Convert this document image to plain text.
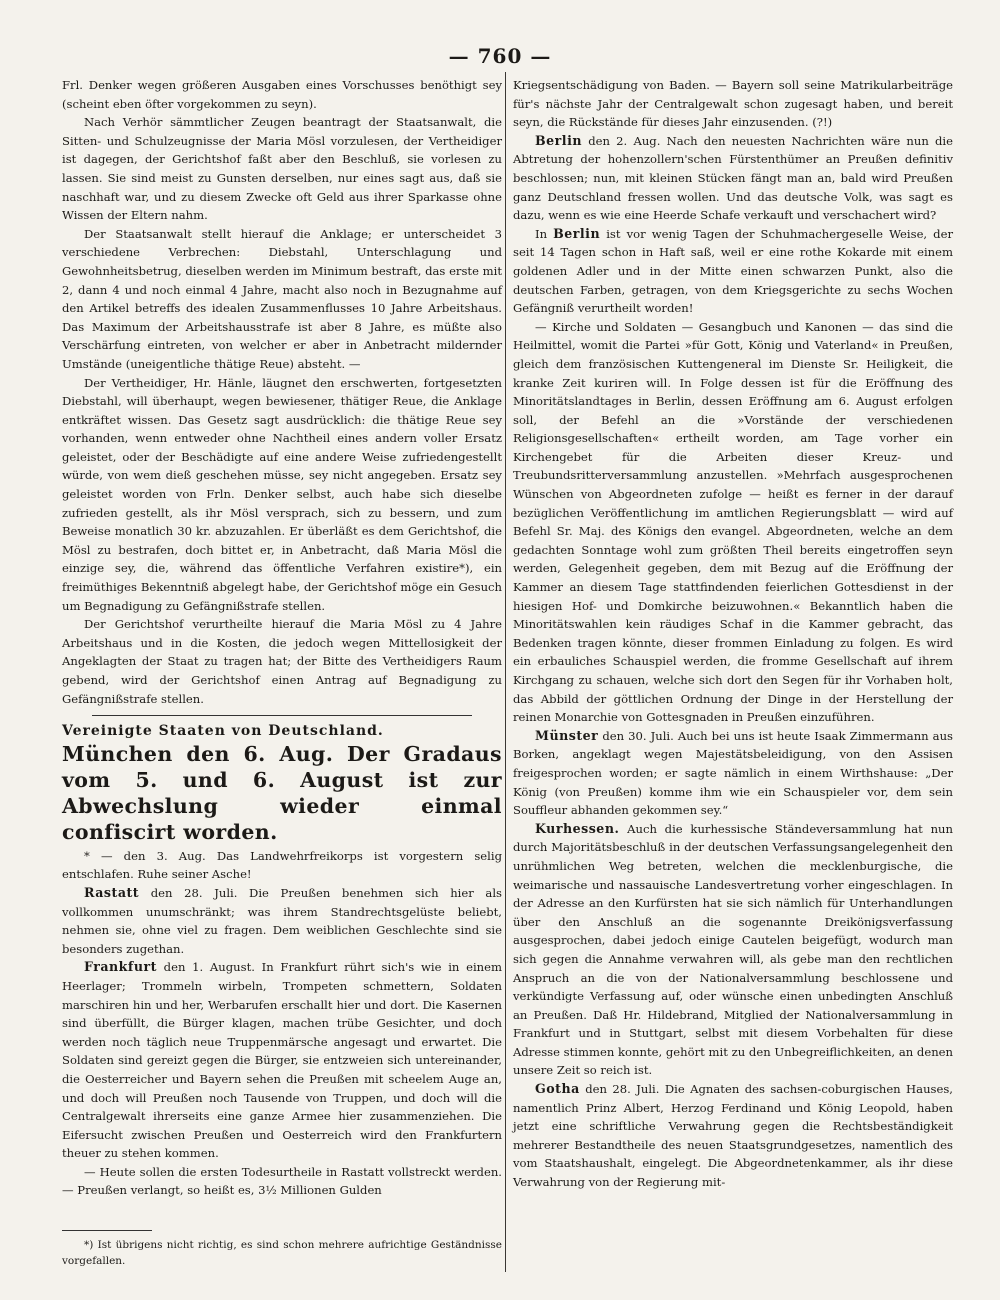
— 760 —

Frl. Denker wegen größeren Ausgaben eines Vorschusses benöthigt sey (scheint eben öfter vorgekommen zu seyn).

Nach Verhör sämmtlicher Zeugen beantragt der Staatsanwalt, die Sitten- und Schulzeugnisse der Maria Mösl vorzulesen, der Vertheidiger ist dagegen, der Gerichtshof faßt aber den Beschluß, sie vorlesen zu lassen. Sie sind meist zu Gunsten derselben, nur eines sagt aus, daß sie naschhaft war, und zu diesem Zwecke oft Geld aus ihrer Sparkasse ohne Wissen der Eltern nahm.

Der Staatsanwalt stellt hierauf die Anklage; er unterscheidet 3 verschiedene Verbrechen: Diebstahl, Unterschlagung und Gewohnheitsbetrug, dieselben werden im Minimum bestraft, das erste mit 2, dann 4 und noch einmal 4 Jahre, macht also noch in Bezugnahme auf den Artikel betreffs des idealen Zusammenflusses 10 Jahre Arbeitshaus. Das Maximum der Arbeitshausstrafe ist aber 8 Jahre, es müßte also Verschärfung eintreten, von welcher er aber in Anbetracht mildernder Umstände (uneigentliche thätige Reue) absteht. —

Der Vertheidiger, Hr. Hänle, läugnet den erschwerten, fortgesetzten Diebstahl, will überhaupt, wegen bewiesener, thätiger Reue, die Anklage entkräftet wissen. Das Gesetz sagt ausdrücklich: die thätige Reue sey vorhanden, wenn entweder ohne Nachtheil eines andern voller Ersatz geleistet, oder der Beschädigte auf eine andere Weise zufriedengestellt würde, von wem dieß geschehen müsse, sey nicht angegeben. Ersatz sey geleistet worden von Frln. Denker selbst, auch habe sich dieselbe zufrieden gestellt, als ihr Mösl versprach, sich zu bessern, und zum Beweise monatlich 30 kr. abzuzahlen. Er überläßt es dem Gerichtshof, die Mösl zu bestrafen, doch bittet er, in Anbetracht, daß Maria Mösl die einzige sey, die, während das öffentliche Verfahren existire*), ein freimüthiges Bekenntniß abgelegt habe, der Gerichtshof möge ein Gesuch um Begnadigung zu Gefängnißstrafe stellen.

Der Gerichtshof verurtheilte hierauf die Maria Mösl zu 4 Jahre Arbeitshaus und in die Kosten, die jedoch wegen Mittellosigkeit der Angeklagten der Staat zu tragen hat; der Bitte des Vertheidigers Raum gebend, wird der Gerichtshof einen Antrag auf Begnadigung zu Gefängnißstrafe stellen.

Vereinigte Staaten von Deutschland.

München den 6. Aug. Der Gradaus vom 5. und 6. August ist zur Abwechslung wieder einmal confiscirt worden.

* — den 3. Aug. Das Landwehrfreikorps ist vorgestern selig entschlafen. Ruhe seiner Asche!

Rastatt den 28. Juli. Die Preußen benehmen sich hier als vollkommen unumschränkt; was ihrem Standrechtsgelüste beliebt, nehmen sie, ohne viel zu fragen. Dem weiblichen Geschlechte sind sie besonders zugethan.

Frankfurt den 1. August. In Frankfurt rührt sich's wie in einem Heerlager; Trommeln wirbeln, Trompeten schmettern, Soldaten marschiren hin und her, Werbarufen erschallt hier und dort. Die Kasernen sind überfüllt, die Bürger klagen, machen trübe Gesichter, und doch werden noch täglich neue Truppenmärsche angesagt und erwartet. Die Soldaten sind gereizt gegen die Bürger, sie entzweien sich untereinander, die Oesterreicher und Bayern sehen die Preußen mit scheelem Auge an, und doch will Preußen noch Tausende von Truppen, und doch will die Centralgewalt ihrerseits eine ganze Armee hier zusammenziehen. Die Eifersucht zwischen Preußen und Oesterreich wird den Frankfurtern theuer zu stehen kommen.

— Heute sollen die ersten Todesurtheile in Rastatt vollstreckt werden. — Preußen verlangt, so heißt es, 3½ Millionen Gulden

*) Ist übrigens nicht richtig, es sind schon mehrere aufrichtige Geständnisse vorgefallen.

Kriegsentschädigung von Baden. — Bayern soll seine Matrikularbeiträge für's nächste Jahr der Centralgewalt schon zugesagt haben, und bereit seyn, die Rückstände für dieses Jahr einzusenden. (?!)

Berlin den 2. Aug. Nach den neuesten Nachrichten wäre nun die Abtretung der hohenzollern'schen Fürstenthümer an Preußen definitiv beschlossen; nun, mit kleinen Stücken fängt man an, bald wird Preußen ganz Deutschland fressen wollen. Und das deutsche Volk, was sagt es dazu, wenn es wie eine Heerde Schafe verkauft und verschachert wird?

In Berlin ist vor wenig Tagen der Schuhmachergeselle Weise, der seit 14 Tagen schon in Haft saß, weil er eine rothe Kokarde mit einem goldenen Adler und in der Mitte einen schwarzen Punkt, also die deutschen Farben, getragen, von dem Kriegsgerichte zu sechs Wochen Gefängniß verurtheilt worden!

— Kirche und Soldaten — Gesangbuch und Kanonen — das sind die Heilmittel, womit die Partei »für Gott, König und Vaterland« in Preußen, gleich dem französischen Kuttengeneral im Dienste Sr. Heiligkeit, die kranke Zeit kuriren will. In Folge dessen ist für die Eröffnung des Minoritätslandtages in Berlin, dessen Eröffnung am 6. August erfolgen soll, der Befehl an die »Vorstände der verschiedenen Religionsgesellschaften« ertheilt worden, am Tage vorher ein Kirchengebet für die Arbeiten dieser Kreuz- und Treubundsritterversammlung anzustellen. »Mehrfach ausgesprochenen Wünschen von Abgeordneten zufolge — heißt es ferner in der darauf bezüglichen Veröffentlichung im amtlichen Regierungsblatt — wird auf Befehl Sr. Maj. des Königs den evangel. Abgeordneten, welche an dem gedachten Sonntage wohl zum größten Theil bereits eingetroffen seyn werden, Gelegenheit gegeben, dem mit Bezug auf die Eröffnung der Kammer an diesem Tage stattfindenden feierlichen Gottesdienst in der hiesigen Hof- und Domkirche beizuwohnen.« Bekanntlich haben die Minoritätswahlen kein räudiges Schaf in die Kammer gebracht, das Bedenken tragen könnte, dieser frommen Einladung zu folgen. Es wird ein erbauliches Schauspiel werden, die fromme Gesellschaft auf ihrem Kirchgang zu schauen, welche sich dort den Segen für ihr Vorhaben holt, das Abbild der göttlichen Ordnung der Dinge in der Herstellung der reinen Monarchie von Gottesgnaden in Preußen einzuführen.

Münster den 30. Juli. Auch bei uns ist heute Isaak Zimmermann aus Borken, angeklagt wegen Majestätsbeleidigung, von den Assisen freigesprochen worden; er sagte nämlich in einem Wirthshause: „Der König (von Preußen) komme ihm wie ein Schauspieler vor, dem sein Souffleur abhanden gekommen sey.“

Kurhessen. Auch die kurhessische Ständeversammlung hat nun durch Majoritätsbeschluß in der deutschen Verfassungsangelegenheit den unrühmlichen Weg betreten, welchen die mecklenburgische, die weimarische und nassauische Landesvertretung vorher eingeschlagen. In der Adresse an den Kurfürsten hat sie sich nämlich für Unterhandlungen über den Anschluß an die sogenannte Dreikönigsverfassung ausgesprochen, dabei jedoch einige Cautelen beigefügt, wodurch man sich gegen die Annahme verwahren will, als gebe man den rechtlichen Anspruch an die von der Nationalversammlung beschlossene und verkündigte Verfassung auf, oder wünsche einen unbedingten Anschluß an Preußen. Daß Hr. Hildebrand, Mitglied der Nationalversammlung in Frankfurt und in Stuttgart, selbst mit diesem Vorbehalten für diese Adresse stimmen konnte, gehört mit zu den Unbegreiflichkeiten, an denen unsere Zeit so reich ist.

Gotha den 28. Juli. Die Agnaten des sachsen-coburgischen Hauses, namentlich Prinz Albert, Herzog Ferdinand und König Leopold, haben jetzt eine schriftliche Verwahrung gegen die Rechtsbeständigkeit mehrerer Bestandtheile des neuen Staatsgrundgesetzes, namentlich des vom Staatshaushalt, eingelegt. Die Abgeordnetenkammer, als ihr diese Verwahrung von der Regierung mit-
